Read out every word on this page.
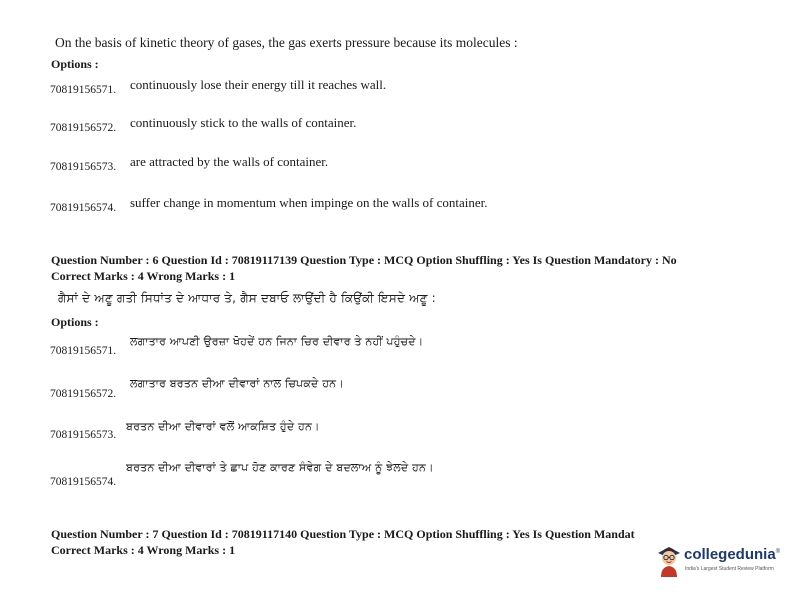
On the basis of kinetic theory of gases, the gas exerts pressure because its molecules :
Options :
70819156571. continuously lose their energy till it reaches wall.
70819156572. continuously stick to the walls of container.
70819156573. are attracted by the walls of container.
70819156574. suffer change in momentum when impinge on the walls of container.
Question Number : 6 Question Id : 70819117139 Question Type : MCQ Option Shuffling : Yes Is Question Mandatory : No
Correct Marks : 4 Wrong Marks : 1
ਗੈਸਾਂ ਦੇ ਅਣੂ ਗਤੀ ਸਿਧਾਂਤ ਦੇ ਆਧਾਰ ਤੇ, ਗੈਸ ਦਬਾਓ ਲਾਉਂਦੀ ਹੈ ਕਿਉਂਕੀ ਇਸਦੇ ਅਣੂ :
Options :
70819156571.
ਲਗਾਤਾਰ ਆਪਣੀ ਉਰਜ਼ਾ ਖੋਹਦੇਂ ਹਨ ਜਿਨਾ ਚਿਰ ਦੀਵਾਰ ਤੇ ਨਹੀਂ ਪਹੁੰਚਦੇ।
70819156572.
ਲਗਾਤਾਰ ਬਰਤਨ ਦੀਆ ਦੀਵਾਰਾਂ ਨਾਲ ਚਿਪਕਦੇ ਹਨ।
70819156573.
ਬਰਤਨ ਦੀਆ ਦੀਵਾਰਾਂ ਵਲੋਂ ਆਕਸ਼ਿਤ ਹੁੰਦੇ ਹਨ।
70819156574.
ਬਰਤਨ ਦੀਆ ਦੀਵਾਰਾਂ ਤੇ ਛਾਪ ਹੋਣ ਕਾਰਣ ਸੰਵੇਗ ਦੇ ਬਦਲਾਅ ਨੂੰ ਝੇਲਦੇ ਹਨ।
Question Number : 7 Question Id : 70819117140 Question Type : MCQ Option Shuffling : Yes Is Question Mandat
Correct Marks : 4 Wrong Marks : 1	collegedunia®
India's Largest Student Review Platform
